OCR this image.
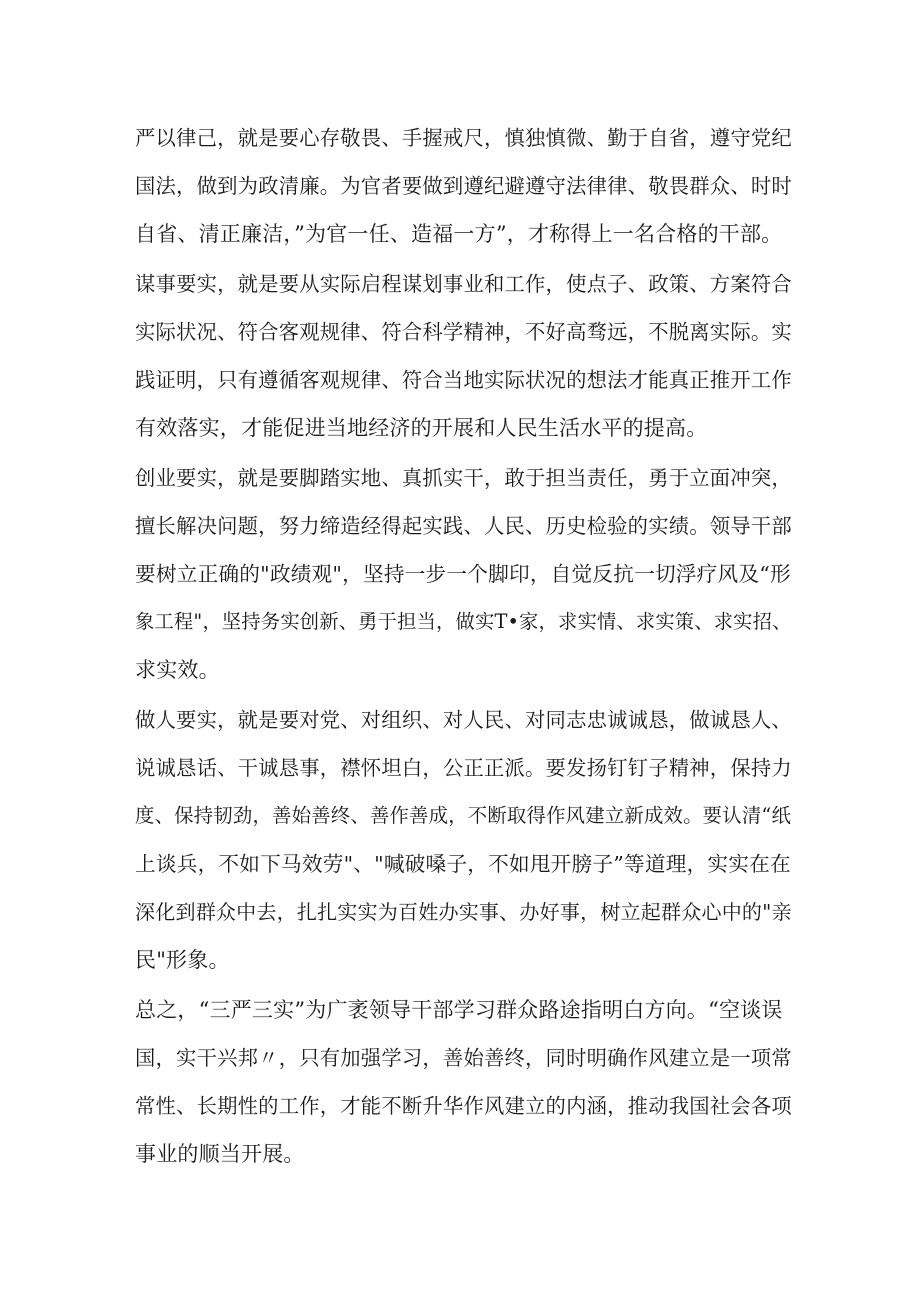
严以律己，就是要心存敬畏、手握戒尺，慎独慎微、勤于自省，遵守党纪
国法，做到为政清廉。为官者要做到遵纪避遵守法律律、敬畏群众、时时
自省、清正廉洁，”为官一任、造福一方”，才称得上一名合格的干部。
谋事要实，就是要从实际启程谋划事业和工作，使点子、政策、方案符合
实际状况、符合客观规律、符合科学精神，不好高骛远，不脱离实际。实
践证明，只有遵循客观规律、符合当地实际状况的想法才能真正推开工作
有效落实，才能促进当地经济的开展和人民生活水平的提高。
创业要实，就是要脚踏实地、真抓实干，敢于担当责任，勇于立面冲突，
擅长解决问题，努力缔造经得起实践、人民、历史检验的实绩。领导干部
要树立正确的"政绩观"，坚持一步一个脚印，自觉反抗一切浮疗风及“形
象工程"，坚持务实创新、勇于担当，做实T•家，求实情、求实策、求实招、
求实效。
做人要实，就是要对党、对组织、对人民、对同志忠诚诚恳，做诚恳人、
说诚恳话、干诚恳事，襟怀坦白，公正正派。要发扬钉钉子精神，保持力
度、保持韧劲，善始善终、善作善成，不断取得作风建立新成效。要认清“纸
上谈兵，不如下马效劳"、"喊破嗓子，不如甩开膀子”等道理，实实在在
深化到群众中去，扎扎实实为百姓办实事、办好事，树立起群众心中的"亲
民"形象。
总之，“三严三实”为广袤领导干部学习群众路途指明白方向。“空谈误
国，实干兴邦〃，只有加强学习，善始善终，同时明确作风建立是一项常
常性、长期性的工作，才能不断升华作风建立的内涵，推动我国社会各项
事业的顺当开展。
